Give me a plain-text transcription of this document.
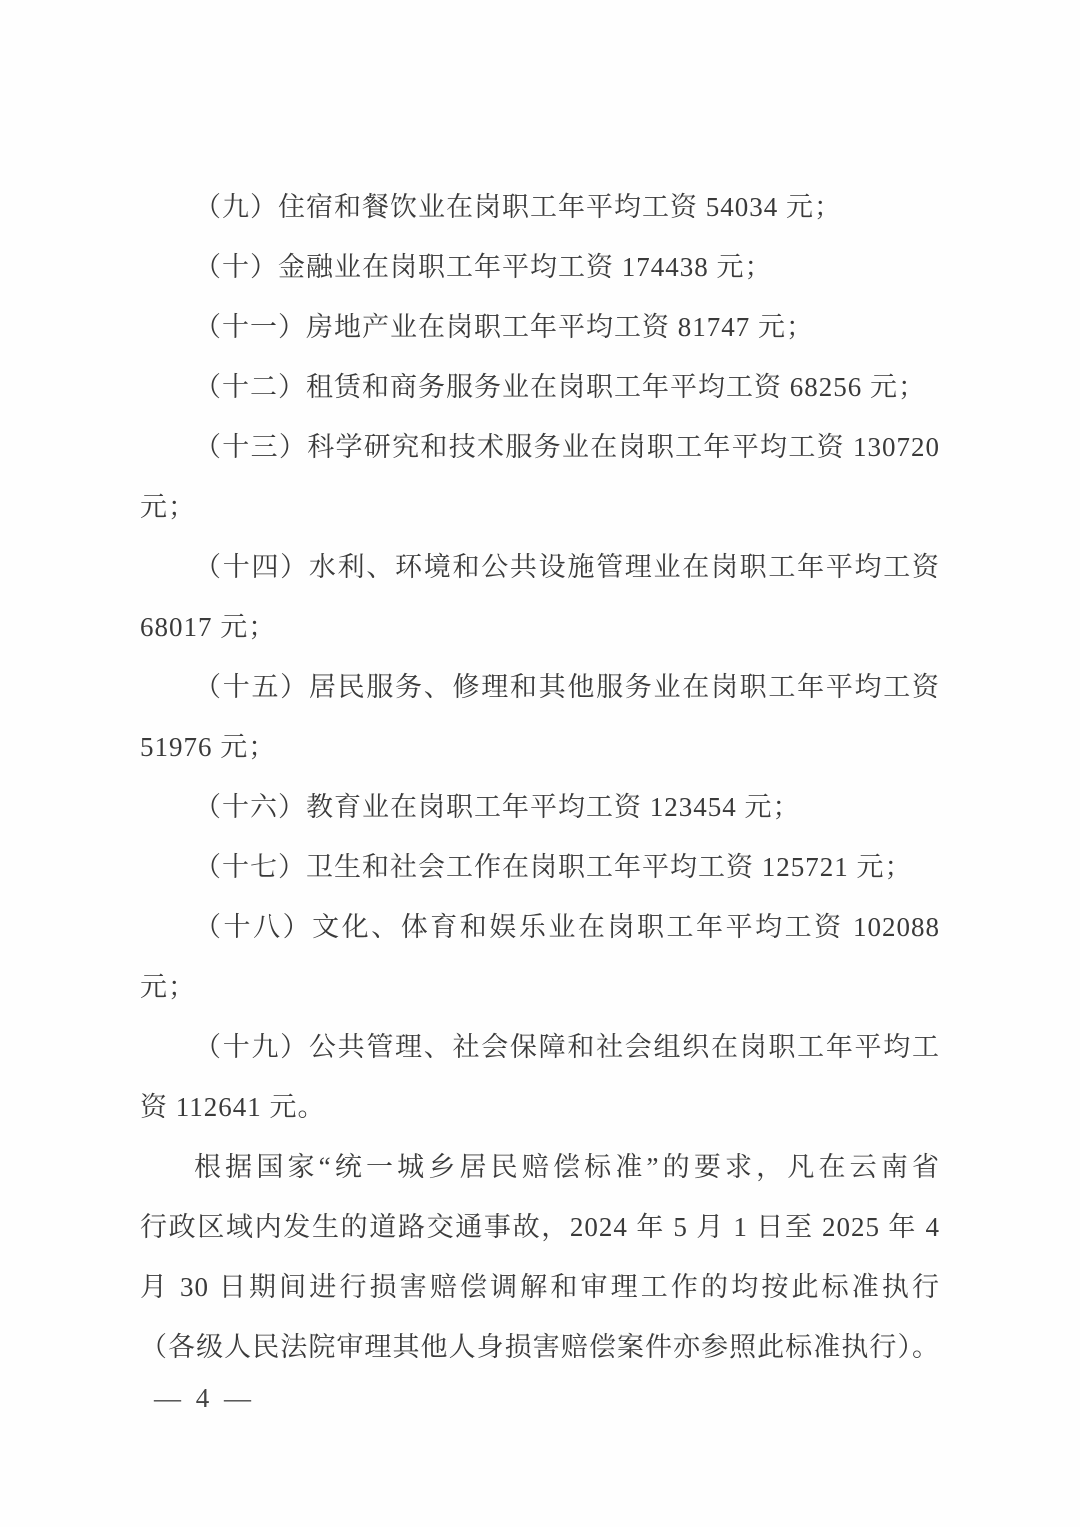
（九）住宿和餐饮业在岗职工年平均工资 54034 元；
（十）金融业在岗职工年平均工资 174438 元；
（十一）房地产业在岗职工年平均工资 81747 元；
（十二）租赁和商务服务业在岗职工年平均工资 68256 元；
（十三）科学研究和技术服务业在岗职工年平均工资 130720
元；
（十四）水利、环境和公共设施管理业在岗职工年平均工资
68017 元；
（十五）居民服务、修理和其他服务业在岗职工年平均工资
51976 元；
（十六）教育业在岗职工年平均工资 123454 元；
（十七）卫生和社会工作在岗职工年平均工资 125721 元；
（十八）文化、体育和娱乐业在岗职工年平均工资 102088
元；
（十九）公共管理、社会保障和社会组织在岗职工年平均工
资 112641 元。
根据国家“统一城乡居民赔偿标准”的要求，凡在云南省
行政区域内发生的道路交通事故，2024 年 5 月 1 日至 2025 年 4
月 30 日期间进行损害赔偿调解和审理工作的均按此标准执行
（各级人民法院审理其他人身损害赔偿案件亦参照此标准执行）。
— 4 —
